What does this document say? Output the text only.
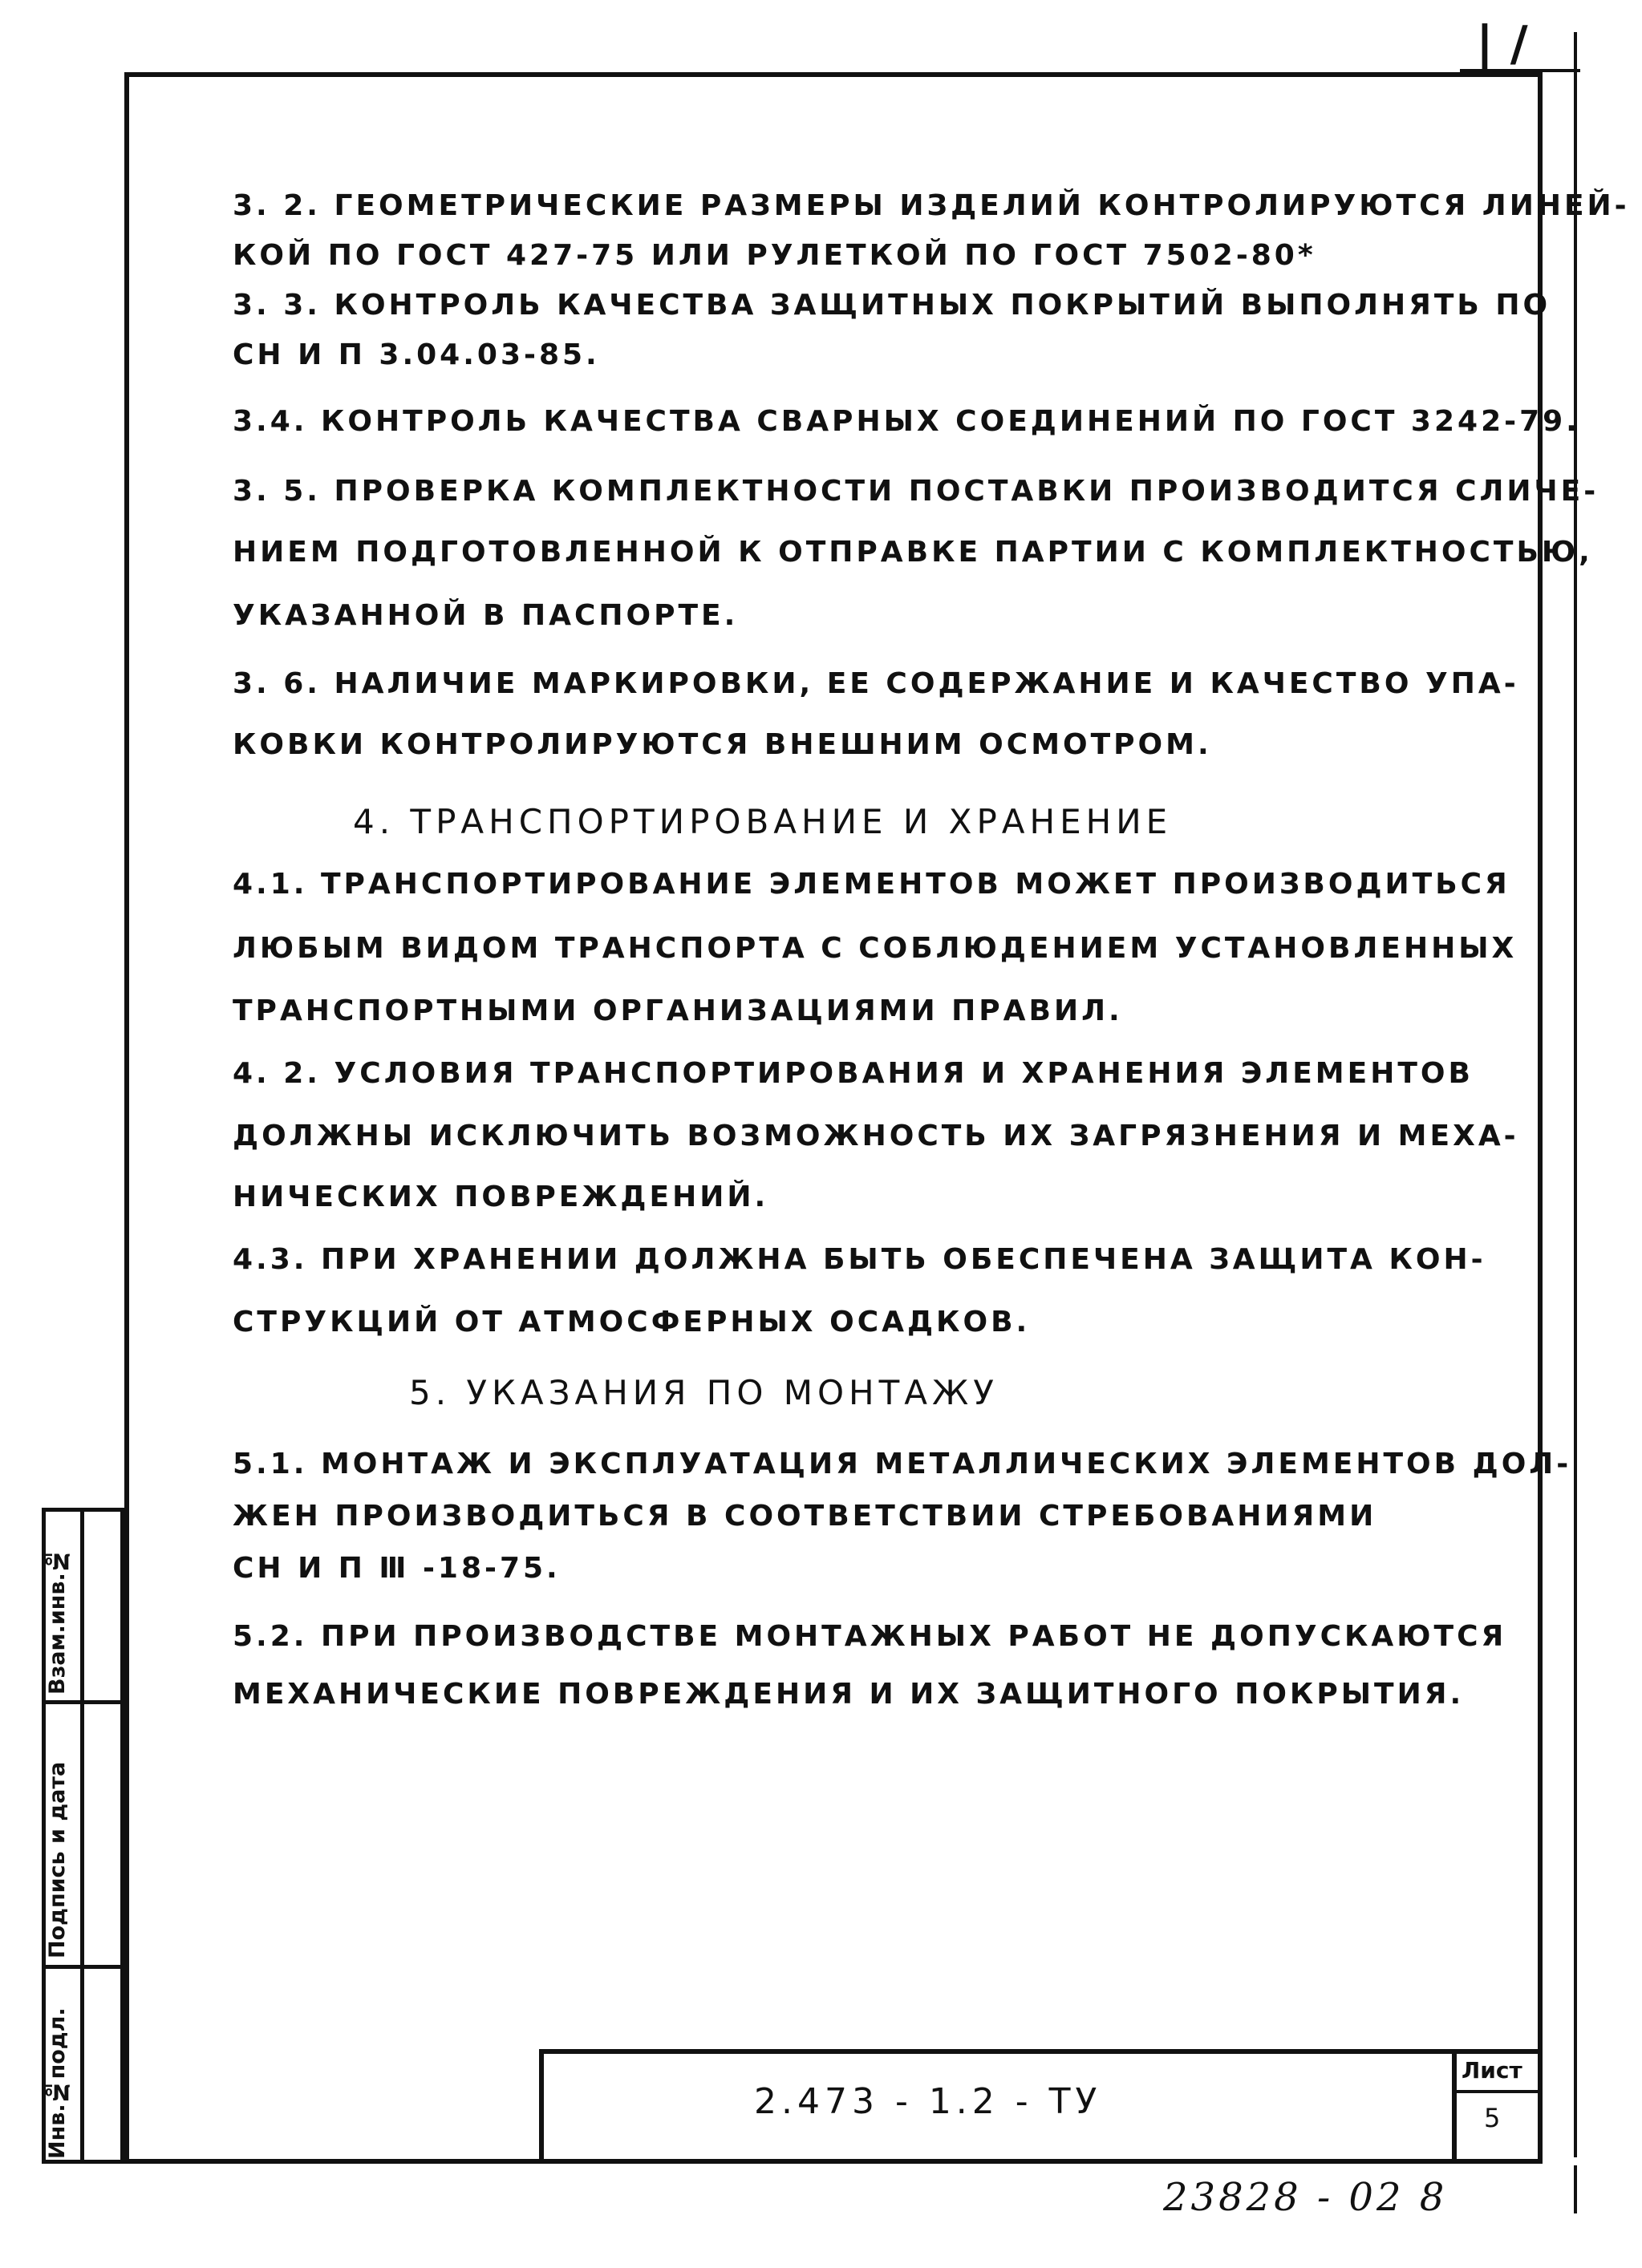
| /
3. 2. ГЕОМЕТРИЧЕСКИЕ РАЗМЕРЫ ИЗДЕЛИЙ КОНТРОЛИРУЮТСЯ ЛИНЕЙ-
КОЙ ПО ГОСТ 427-75 ИЛИ РУЛЕТКОЙ ПО ГОСТ 7502-80*
3. 3. КОНТРОЛЬ КАЧЕСТВА ЗАЩИТНЫХ ПОКРЫТИЙ ВЫПОЛНЯТЬ ПО
СН И П 3.04.03-85.
3.4. КОНТРОЛЬ КАЧЕСТВА СВАРНЫХ СОЕДИНЕНИЙ ПО ГОСТ 3242-79.
3. 5. ПРОВЕРКА КОМПЛЕКТНОСТИ ПОСТАВКИ ПРОИЗВОДИТСЯ СЛИЧЕ-
НИЕМ ПОДГОТОВЛЕННОЙ К ОТПРАВКЕ ПАРТИИ С КОМПЛЕКТНОСТЬЮ,
УКАЗАННОЙ В ПАСПОРТЕ.
3. 6. НАЛИЧИЕ МАРКИРОВКИ, ЕЕ СОДЕРЖАНИЕ И КАЧЕСТВО УПА-
КОВКИ КОНТРОЛИРУЮТСЯ ВНЕШНИМ ОСМОТРОМ.
4. ТРАНСПОРТИРОВАНИЕ И ХРАНЕНИЕ
4.1. ТРАНСПОРТИРОВАНИЕ ЭЛЕМЕНТОВ МОЖЕТ ПРОИЗВОДИТЬСЯ
ЛЮБЫМ ВИДОМ ТРАНСПОРТА С СОБЛЮДЕНИЕМ УСТАНОВЛЕННЫХ
ТРАНСПОРТНЫМИ ОРГАНИЗАЦИЯМИ ПРАВИЛ.
4. 2. УСЛОВИЯ ТРАНСПОРТИРОВАНИЯ И ХРАНЕНИЯ ЭЛЕМЕНТОВ
ДОЛЖНЫ ИСКЛЮЧИТЬ ВОЗМОЖНОСТЬ ИХ ЗАГРЯЗНЕНИЯ И МЕХА-
НИЧЕСКИХ ПОВРЕЖДЕНИЙ.
4.3. ПРИ ХРАНЕНИИ ДОЛЖНА БЫТЬ ОБЕСПЕЧЕНА ЗАЩИТА КОН-
СТРУКЦИЙ ОТ АТМОСФЕРНЫХ ОСАДКОВ.
5. УКАЗАНИЯ ПО МОНТАЖУ
5.1. МОНТАЖ И ЭКСПЛУАТАЦИЯ МЕТАЛЛИЧЕСКИХ ЭЛЕМЕНТОВ ДОЛ-
ЖЕН ПРОИЗВОДИТЬСЯ В СООТВЕТСТВИИ СТРЕБОВАНИЯМИ
СН И П Ⅲ -18-75.
5.2. ПРИ ПРОИЗВОДСТВЕ МОНТАЖНЫХ РАБОТ НЕ ДОПУСКАЮТСЯ
МЕХАНИЧЕСКИЕ ПОВРЕЖДЕНИЯ И ИХ ЗАЩИТНОГО ПОКРЫТИЯ.
2.473 - 1.2 - ТУ
Лист
5
23828 - 02 8
Взам.инв.№
Подпись и дата
Инв.№подл.
